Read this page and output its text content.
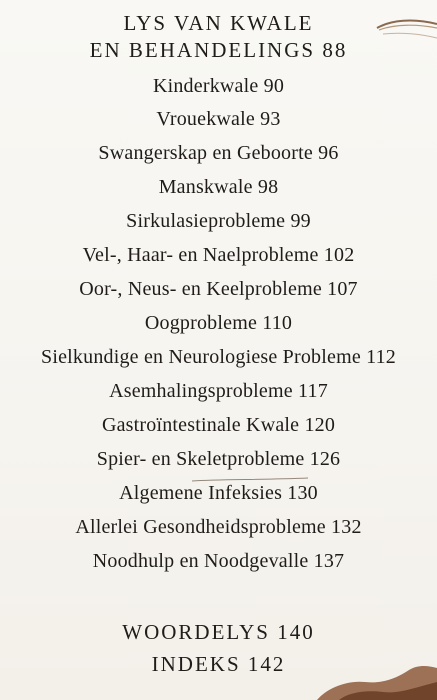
LYS VAN KWALE
EN BEHANDELINGS 88
Kinderkwale 90
Vrouekwale 93
Swangerskap en Geboorte 96
Manskwale 98
Sirkulasieprobleme 99
Vel-, Haar- en Naelprobleme 102
Oor-, Neus- en Keelprobleme 107
Oogprobleme 110
Sielkundige en Neurologiese Probleme 112
Asemhalingsprobleme 117
Gastroïntestinale Kwale 120
Spier- en Skeletprobleme 126
Algemene Infeksies 130
Allerlei Gesondheidsprobleme 132
Noodhulp en Noodgevalle 137
WOORDELYS 140
INDEKS 142
